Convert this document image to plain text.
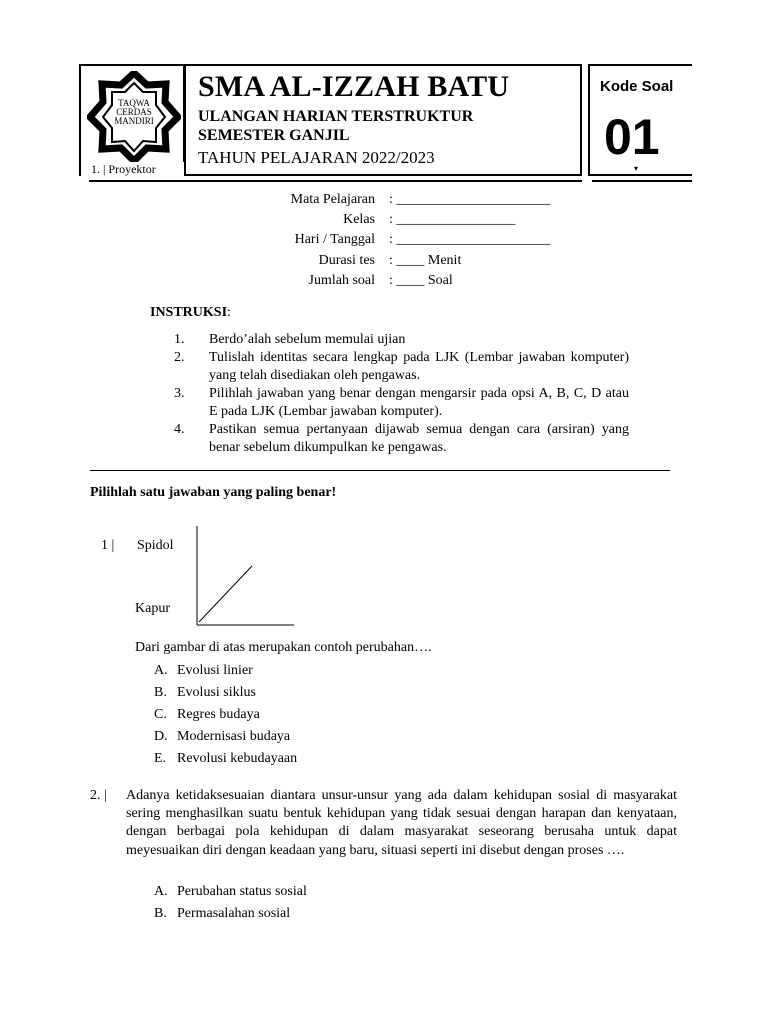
TAQWA
CERDAS
MANDIRI
1. | Proyektor
SMA AL-IZZAH BATU
ULANGAN HARIAN TERSTRUKTUR
SEMESTER GANJIL
TAHUN PELAJARAN 2022/2023
Kode Soal
01
▾
Mata Pelajaran : ______________________
Kelas : _________________
Hari / Tanggal : ______________________
Durasi tes : ____ Menit
Jumlah soal : ____ Soal
INSTRUKSI:
1. Berdo’alah sebelum memulai ujian
2. Tulislah identitas secara lengkap pada LJK (Lembar jawaban komputer) yang telah disediakan oleh pengawas.
3. Pilihlah jawaban yang benar dengan mengarsir pada opsi A, B, C, D atau E pada LJK (Lembar jawaban komputer).
4. Pastikan semua pertanyaan dijawab semua dengan cara (arsiran) yang benar sebelum dikumpulkan ke pengawas.
Pilihlah satu jawaban yang paling benar!
1 | Spidol
Kapur
Dari gambar di atas merupakan contoh perubahan….
A. Evolusi linier
B. Evolusi siklus
C. Regres budaya
D. Modernisasi budaya
E. Revolusi kebudayaan
2. | Adanya ketidaksesuaian diantara unsur-unsur yang ada dalam kehidupan sosial di masyarakat sering menghasilkan suatu bentuk kehidupan yang tidak sesuai dengan harapan dan kenyataan, dengan berbagai pola kehidupan di dalam masyarakat seseorang berusaha untuk dapat meyesuaikan diri dengan keadaan yang baru, situasi seperti ini disebut dengan proses ….
A. Perubahan status sosial
B. Permasalahan sosial
